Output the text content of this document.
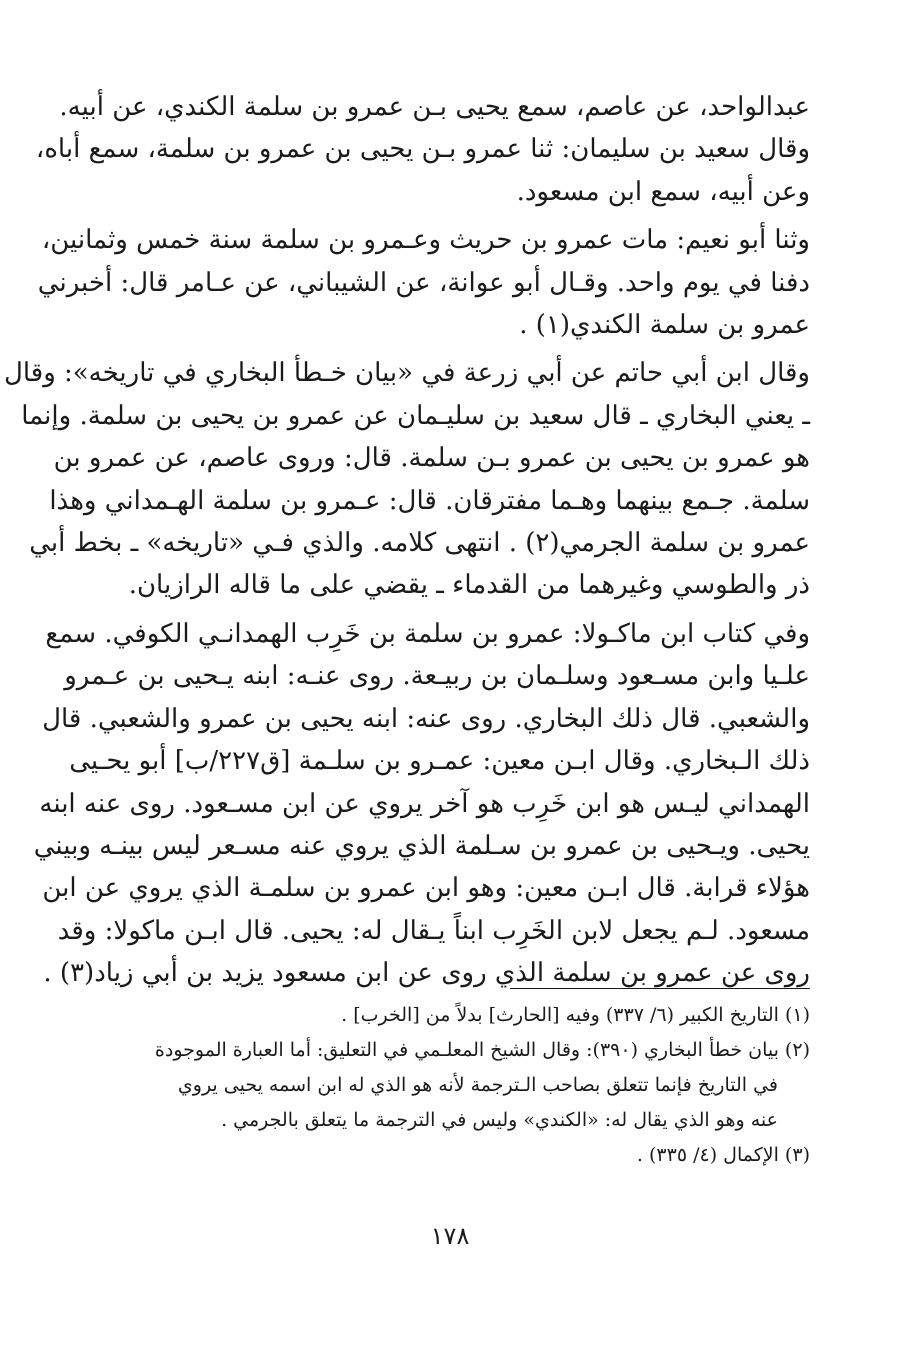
عبدالواحد، عن عاصم، سمع يحيى بـن عمرو بن سلمة الكندي، عن أبيه.
وقال سعيد بن سليمان: ثنا عمرو بـن يحيى بن عمرو بن سلمة، سمع أباه،
وعن أبيه، سمع ابن مسعود.
وثنا أبو نعيم: مات عمرو بن حريث وعـمرو بن سلمة سنة خمس وثمانين،
دفنا في يوم واحد. وقـال أبو عوانة، عن الشيباني، عن عـامر قال: أخبرني
عمرو بن سلمة الكندي(١) .
وقال ابن أبي حاتم عن أبي زرعة في «بيان خـطأ البخاري في تاريخه»: وقال
ـ يعني البخاري ـ قال سعيد بن سليـمان عن عمرو بن يحيى بن سلمة. وإنما
هو عمرو بن يحيى بن عمرو بـن سلمة. قال: وروى عاصم، عن عمرو بن
سلمة. جـمع بينهما وهـما مفترقان. قال: عـمرو بن سلمة الهـمداني وهذا
عمرو بن سلمة الجرمي(٢) . انتهى كلامه. والذي فـي «تاريخه» ـ بخط أبي
ذر والطوسي وغيرهما من القدماء ـ يقضي على ما قاله الرازيان.
وفي كتاب ابن ماكـولا: عمرو بن سلمة بن خَرِب الهمدانـي الكوفي. سمع
علـيا وابن مسـعود وسلـمان بن ربيـعة. روى عنـه: ابنه يـحيى بن عـمرو
والشعبي. قال ذلك البخاري. روى عنه: ابنه يحيى بن عمرو والشعبي. قال
ذلك الـبخاري. وقال ابـن معين: عمـرو بن سلـمة [ق٢٢٧/ب] أبو يحـيى
الهمداني ليـس هو ابن خَرِب هو آخر يروي عن ابن مسـعود. روى عنه ابنه
يحيى. ويـحيى بن عمرو بن سـلمة الذي يروي عنه مسـعر ليس بينـه وبيني
هؤلاء قرابة. قال ابـن معين: وهو ابن عمرو بن سلمـة الذي يروي عن ابن
مسعود. لـم يجعل لابن الخَرِب ابناً يـقال له: يحيى. قال ابـن ماكولا: وقد
روى عن عمرو بن سلمة الذي روى عن ابن مسعود يزيد بن أبي زياد(٣) .
(١) التاريخ الكبير (٦/ ٣٣٧) وفيه [الحارث] بدلاً من [الخرب] .
(٢) بيان خطأ البخاري (٣٩٠): وقال الشيخ المعلـمي في التعليق: أما العبارة الموجودة
في التاريخ فإنما تتعلق بصاحب الـترجمة لأنه هو الذي له ابن اسمه يحيى يروي
عنه وهو الذي يقال له: «الكندي» وليس في الترجمة ما يتعلق بالجرمي .
(٣) الإكمال (٤/ ٣٣٥) .
١٧٨
